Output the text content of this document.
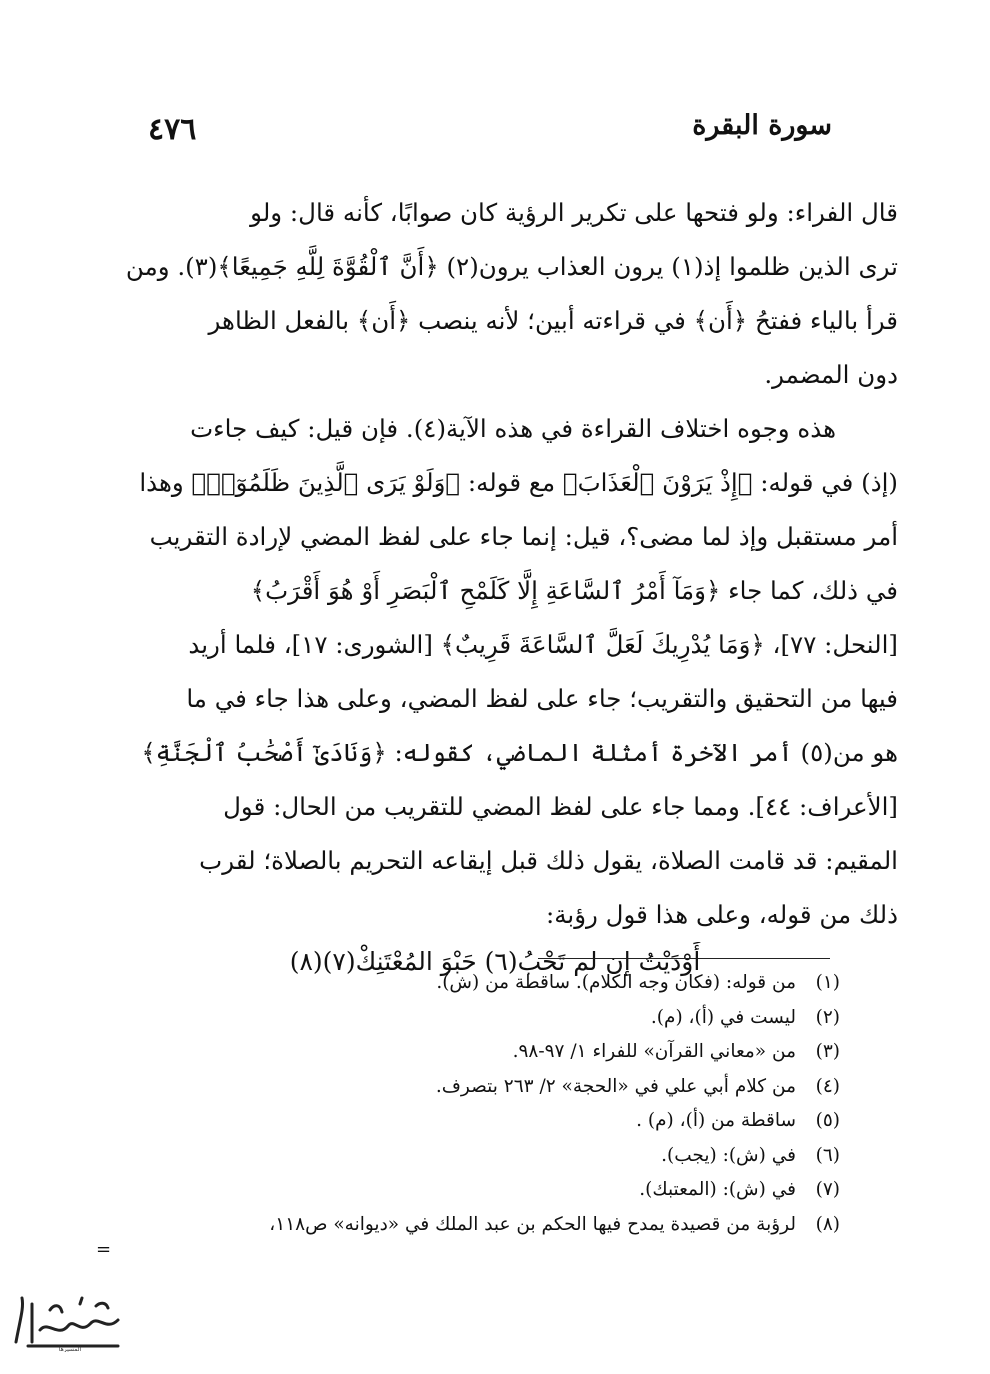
٤٧٦	سورة البقرة
قال الفراء: ولو فتحها على تكرير الرؤية كان صوابًا، كأنه قال: ولو
ترى الذين ظلموا إذ(١) يرون العذاب يرون(٢) ﴿أَنَّ ٱلْقُوَّةَ لِلَّهِ جَمِيعًا﴾(٣). ومن
قرأ بالياء ففتحُ ﴿أَن﴾ في قراءته أبين؛ لأنه ينصب ﴿أَن﴾ بالفعل الظاهر
دون المضمر.
هذه وجوه اختلاف القراءة في هذه الآية(٤). فإن قيل: كيف جاءت
(إذ) في قوله: ﴿إِذْ يَرَوْنَ ٱلْعَذَابَ﴾ مع قوله: ﴿وَلَوْ يَرَى ٱلَّذِينَ ظَلَمُوٓا۟﴾ وهذا
أمر مستقبل وإذ لما مضى؟، قيل: إنما جاء على لفظ المضي لإرادة التقريب
في ذلك، كما جاء ﴿وَمَآ أَمْرُ ٱلسَّاعَةِ إِلَّا كَلَمْحِ ٱلْبَصَرِ أَوْ هُوَ أَقْرَبُ﴾
[النحل: ٧٧]، ﴿وَمَا يُدْرِيكَ لَعَلَّ ٱلسَّاعَةَ قَرِيبٌ﴾ [الشورى: ١٧]، فلما أريد
فيها من التحقيق والتقريب؛ جاء على لفظ المضي، وعلى هذا جاء في ما
هو من(٥) أمر الآخرة أمثلة الماضي، كقوله: ﴿وَنَادَىٰٓ أَصْحَٰبُ ٱلْجَنَّةِ﴾
[الأعراف: ٤٤]. ومما جاء على لفظ المضي للتقريب من الحال: قول
المقيم: قد قامت الصلاة، يقول ذلك قبل إيقاعه التحريم بالصلاة؛ لقرب
ذلك من قوله، وعلى هذا قول رؤبة:
أَوْدَيْتُ إن لم تَحْبُ(٦) حَبْوَ المُعْتَنِكْ(٧)(٨)
(١)من قوله: (فكان وجه الكلام). ساقطة من (ش).
(٢)ليست في (أ)، (م).
(٣)من «معاني القرآن» للفراء ١/ ٩٧-٩٨.
(٤)من كلام أبي علي في «الحجة» ٢/ ٢٦٣ بتصرف.
(٥)ساقطة من (أ)، (م) .
(٦)في (ش): (يجب).
(٧)في (ش): (المعتبك).
(٨)لرؤبة من قصيدة يمدح فيها الحكم بن عبد الملك في «ديوانه» ص١١٨،
=
المسيرها
